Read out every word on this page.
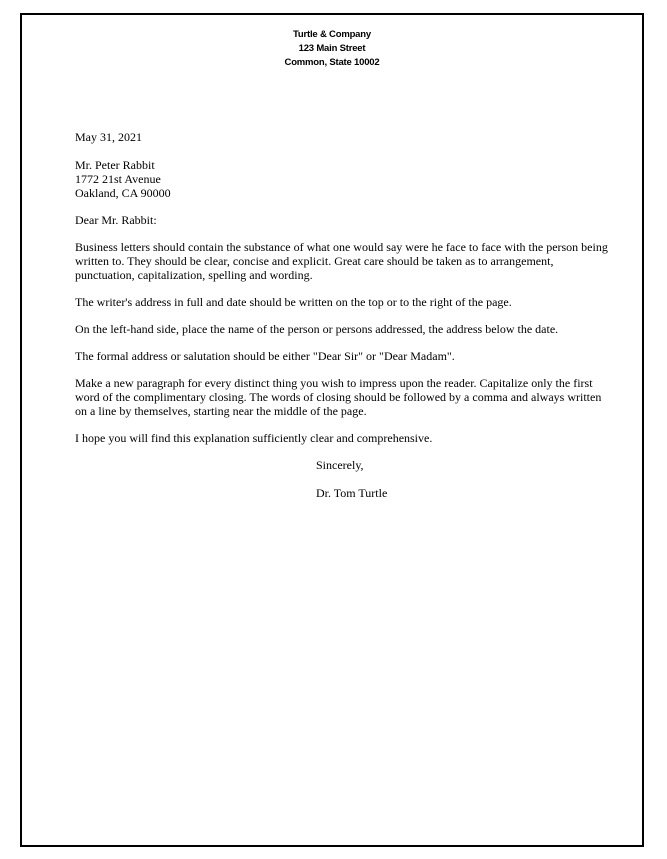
Turtle & Company
123 Main Street
Common, State 10002
May 31, 2021
Mr. Peter Rabbit
1772 21st Avenue
Oakland, CA 90000
Dear Mr. Rabbit:
Business letters should contain the substance of what one would say were he face to face with the person being written to. They should be clear, concise and explicit. Great care should be taken as to arrangement, punctuation, capitalization, spelling and wording.
The writer's address in full and date should be written on the top or to the right of the page.
On the left-hand side, place the name of the person or persons addressed, the address below the date.
The formal address or salutation should be either "Dear Sir" or "Dear Madam".
Make a new paragraph for every distinct thing you wish to impress upon the reader. Capitalize only the first word of the complimentary closing. The words of closing should be followed by a comma and always written on a line by themselves, starting near the middle of the page.
I hope you will find this explanation sufficiently clear and comprehensive.
Sincerely,
Dr. Tom Turtle
